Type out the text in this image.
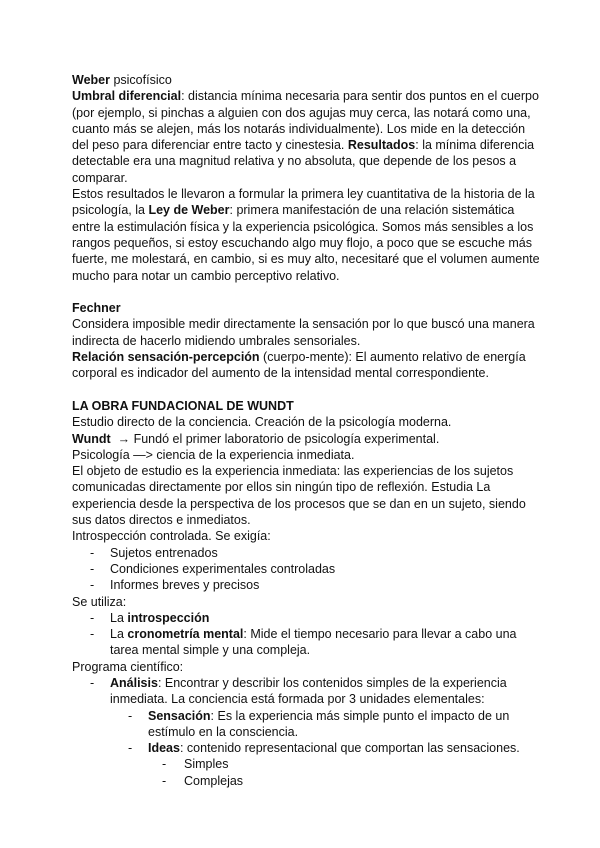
Weber psicofísico
Umbral diferencial: distancia mínima necesaria para sentir dos puntos en el cuerpo
(por ejemplo, si pinchas a alguien con dos agujas muy cerca, las notará como una,
cuanto más se alejen, más los notarás individualmente). Los mide en la detección
del peso para diferenciar entre tacto y cinestesia. Resultados: la mínima diferencia
detectable era una magnitud relativa y no absoluta, que depende de los pesos a
comparar.
Estos resultados le llevaron a formular la primera ley cuantitativa de la historia de la
psicología, la Ley de Weber: primera manifestación de una relación sistemática
entre la estimulación física y la experiencia psicológica. Somos más sensibles a los
rangos pequeños, si estoy escuchando algo muy flojo, a poco que se escuche más
fuerte, me molestará, en cambio, si es muy alto, necesitaré que el volumen aumente
mucho para notar un cambio perceptivo relativo.
Fechner
Considera imposible medir directamente la sensación por lo que buscó una manera
indirecta de hacerlo midiendo umbrales sensoriales.
Relación sensación-percepción (cuerpo-mente): El aumento relativo de energía
corporal es indicador del aumento de la intensidad mental correspondiente.
LA OBRA FUNDACIONAL DE WUNDT
Estudio directo de la conciencia. Creación de la psicología moderna.
Wundt  → Fundó el primer laboratorio de psicología experimental.
Psicología —> ciencia de la experiencia inmediata.
El objeto de estudio es la experiencia inmediata: las experiencias de los sujetos
comunicadas directamente por ellos sin ningún tipo de reflexión. Estudia La
experiencia desde la perspectiva de los procesos que se dan en un sujeto, siendo
sus datos directos e inmediatos.
Introspección controlada. Se exigía:
- Sujetos entrenados
- Condiciones experimentales controladas
- Informes breves y precisos
Se utiliza:
- La introspección
- La cronometría mental: Mide el tiempo necesario para llevar a cabo una
tarea mental simple y una compleja.
Programa científico:
- Análisis: Encontrar y describir los contenidos simples de la experiencia
inmediata. La conciencia está formada por 3 unidades elementales:
- Sensación: Es la experiencia más simple punto el impacto de un
estímulo en la consciencia.
- Ideas: contenido representacional que comportan las sensaciones.
- Simples
- Complejas
